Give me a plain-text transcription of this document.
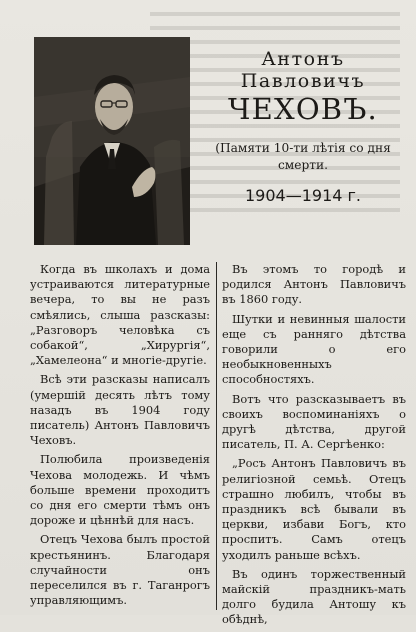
Антонъ Павловичъ
ЧЕХОВЪ.
(Памяти 10-ти лѣтія со дня смерти.
1904—1914 г.

Когда въ школахъ и дома устраиваются литературные вечера, то вы не разъ смѣялись, слыша разсказы: „Разговоръ человѣка съ собакой“, „Хирургія“, „Хамелеона“ и многіе-другіе.

Всѣ эти разсказы написалъ (умершій десять лѣтъ тому назадъ въ 1904 году писатель) Антонъ Павловичъ Чеховъ.

Полюбила произведенія Чехова молодежь. И чѣмъ больше времени проходитъ со дня его смерти тѣмъ онъ дороже и цѣннѣй для насъ.

Отецъ Чехова былъ простой крестьянинъ. Благодаря случайности онъ переселился въ г. Таганрогъ управляющимъ.

Въ этомъ то городѣ и родился Антонъ Павловичъ въ 1860 году.

Шутки и невинныя шалости еще съ ранняго дѣтства говорили о его необыкновенныхъ способностяхъ.

Вотъ что разсказываетъ въ своихъ воспоминаніяхъ о другѣ дѣтства, другой писатель, П. А. Сергѣенко:

„Росъ Антонъ Павловичъ въ религіозной семьѣ. Отецъ страшно любилъ, чтобы въ праздникъ всѣ бывали въ церкви, избави Богъ, кто проспитъ. Самъ отецъ уходилъ раньше всѣхъ.

Въ одинъ торжественный майскій праздникъ-мать долго будила Антошу къ обѣднѣ,
